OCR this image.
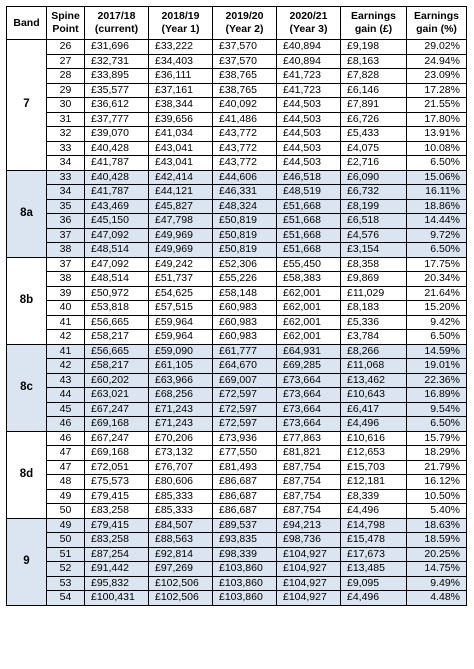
Band	Spine Point	2017/18 (current)	2018/19 (Year 1)	2019/20 (Year 2)	2020/21 (Year 3)	Earnings gain (£)	Earnings gain (%)
7	26	£31,696	£33,222	£37,570	£40,894	£9,198	29.02%
	27	£32,731	£34,403	£37,570	£40,894	£8,163	24.94%
	28	£33,895	£36,111	£38,765	£41,723	£7,828	23.09%
	29	£35,577	£37,161	£38,765	£41,723	£6,146	17.28%
	30	£36,612	£38,344	£40,092	£44,503	£7,891	21.55%
	31	£37,777	£39,656	£41,486	£44,503	£6,726	17.80%
	32	£39,070	£41,034	£43,772	£44,503	£5,433	13.91%
	33	£40,428	£43,041	£43,772	£44,503	£4,075	10.08%
	34	£41,787	£43,041	£43,772	£44,503	£2,716	6.50%
8a	33	£40,428	£42,414	£44,606	£46,518	£6,090	15.06%
	34	£41,787	£44,121	£46,331	£48,519	£6,732	16.11%
	35	£43,469	£45,827	£48,324	£51,668	£8,199	18.86%
	36	£45,150	£47,798	£50,819	£51,668	£6,518	14.44%
	37	£47,092	£49,969	£50,819	£51,668	£4,576	9.72%
	38	£48,514	£49,969	£50,819	£51,668	£3,154	6.50%
8b	37	£47,092	£49,242	£52,306	£55,450	£8,358	17.75%
	38	£48,514	£51,737	£55,226	£58,383	£9,869	20.34%
	39	£50,972	£54,625	£58,148	£62,001	£11,029	21.64%
	40	£53,818	£57,515	£60,983	£62,001	£8,183	15.20%
	41	£56,665	£59,964	£60,983	£62,001	£5,336	9.42%
	42	£58,217	£59,964	£60,983	£62,001	£3,784	6.50%
8c	41	£56,665	£59,090	£61,777	£64,931	£8,266	14.59%
	42	£58,217	£61,105	£64,670	£69,285	£11,068	19.01%
	43	£60,202	£63,966	£69,007	£73,664	£13,462	22.36%
	44	£63,021	£68,256	£72,597	£73,664	£10,643	16.89%
	45	£67,247	£71,243	£72,597	£73,664	£6,417	9.54%
	46	£69,168	£71,243	£72,597	£73,664	£4,496	6.50%
8d	46	£67,247	£70,206	£73,936	£77,863	£10,616	15.79%
	47	£69,168	£73,132	£77,550	£81,821	£12,653	18.29%
	47	£72,051	£76,707	£81,493	£87,754	£15,703	21.79%
	48	£75,573	£80,606	£86,687	£87,754	£12,181	16.12%
	49	£79,415	£85,333	£86,687	£87,754	£8,339	10.50%
	50	£83,258	£85,333	£86,687	£87,754	£4,496	5.40%
9	49	£79,415	£84,507	£89,537	£94,213	£14,798	18.63%
	50	£83,258	£88,563	£93,835	£98,736	£15,478	18.59%
	51	£87,254	£92,814	£98,339	£104,927	£17,673	20.25%
	52	£91,442	£97,269	£103,860	£104,927	£13,485	14.75%
	53	£95,832	£102,506	£103,860	£104,927	£9,095	9.49%
	54	£100,431	£102,506	£103,860	£104,927	£4,496	4.48%
